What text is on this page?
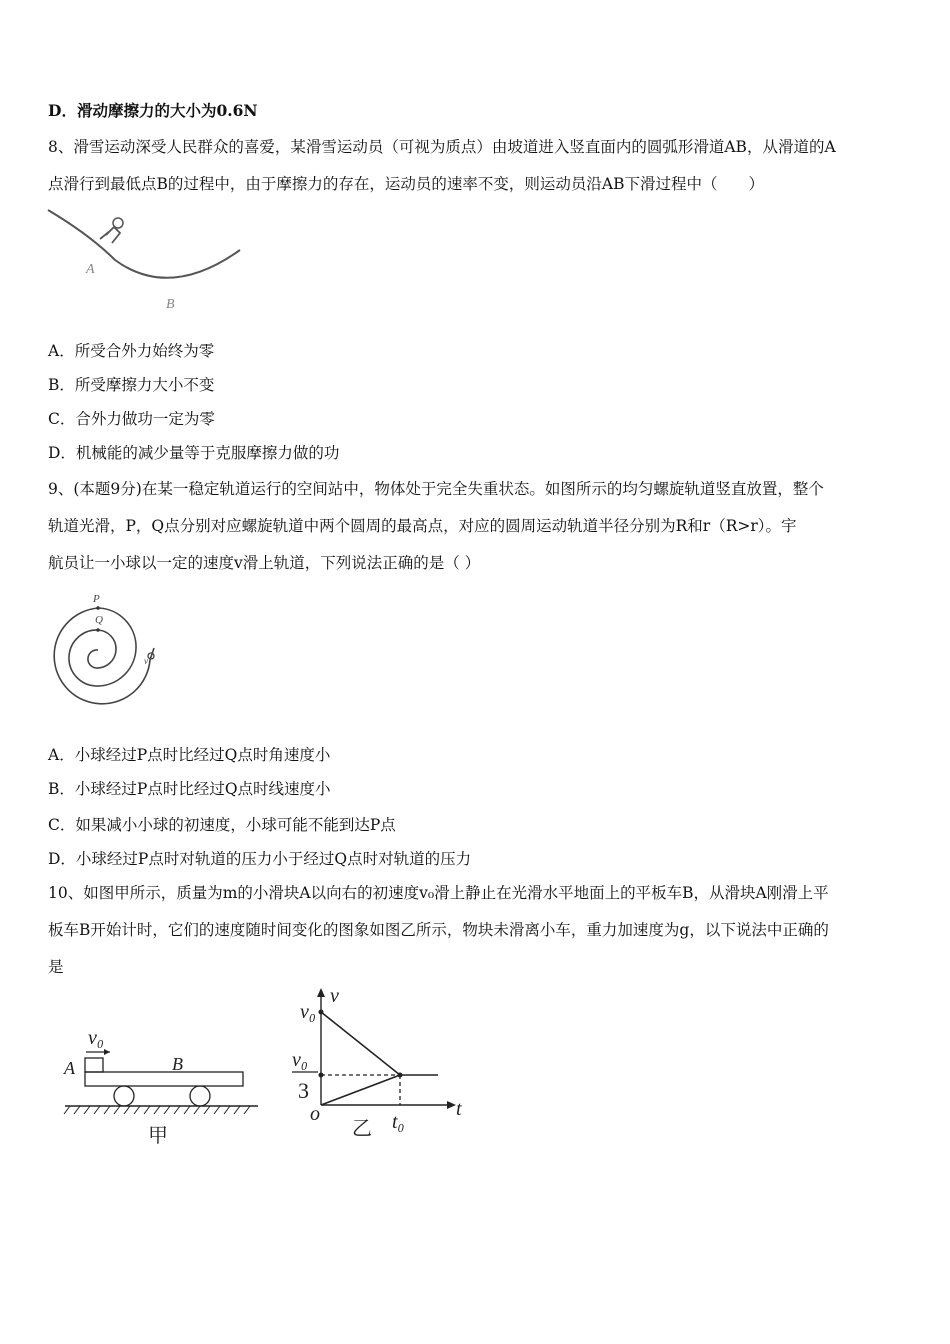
D．滑动摩擦力的大小为0.6N
8、滑雪运动深受人民群众的喜爱，某滑雪运动员（可视为质点）由坡道进入竖直面内的圆弧形滑道AB，从滑道的A
点滑行到最低点B的过程中，由于摩擦力的存在，运动员的速率不变，则运动员沿AB下滑过程中（　　）
A
B
A．所受合外力始终为零
B．所受摩擦力大小不变
C．合外力做功一定为零
D．机械能的减少量等于克服摩擦力做的功
9、(本题9分)在某一稳定轨道运行的空间站中，物体处于完全失重状态。如图所示的均匀螺旋轨道竖直放置，整个
轨道光滑，P，Q点分别对应螺旋轨道中两个圆周的最高点，对应的圆周运动轨道半径分别为R和r（R>r）。宇
航员让一小球以一定的速度v滑上轨道，下列说法正确的是（ ）
P
Q
v
A．小球经过P点时比经过Q点时角速度小
B．小球经过P点时比经过Q点时线速度小
C．如果减小小球的初速度，小球可能不能到达P点
D．小球经过P点时对轨道的压力小于经过Q点时对轨道的压力
10、如图甲所示，质量为m的小滑块A以向右的初速度v₀滑上静止在光滑水平地面上的平板车B，从滑块A刚滑上平
板车B开始计时，它们的速度随时间变化的图象如图乙所示，物块未滑离小车，重力加速度为g，以下说法中正确的
是
v₀
A	B
甲
v
t
v₀
v₀
3
o	t₀
乙
